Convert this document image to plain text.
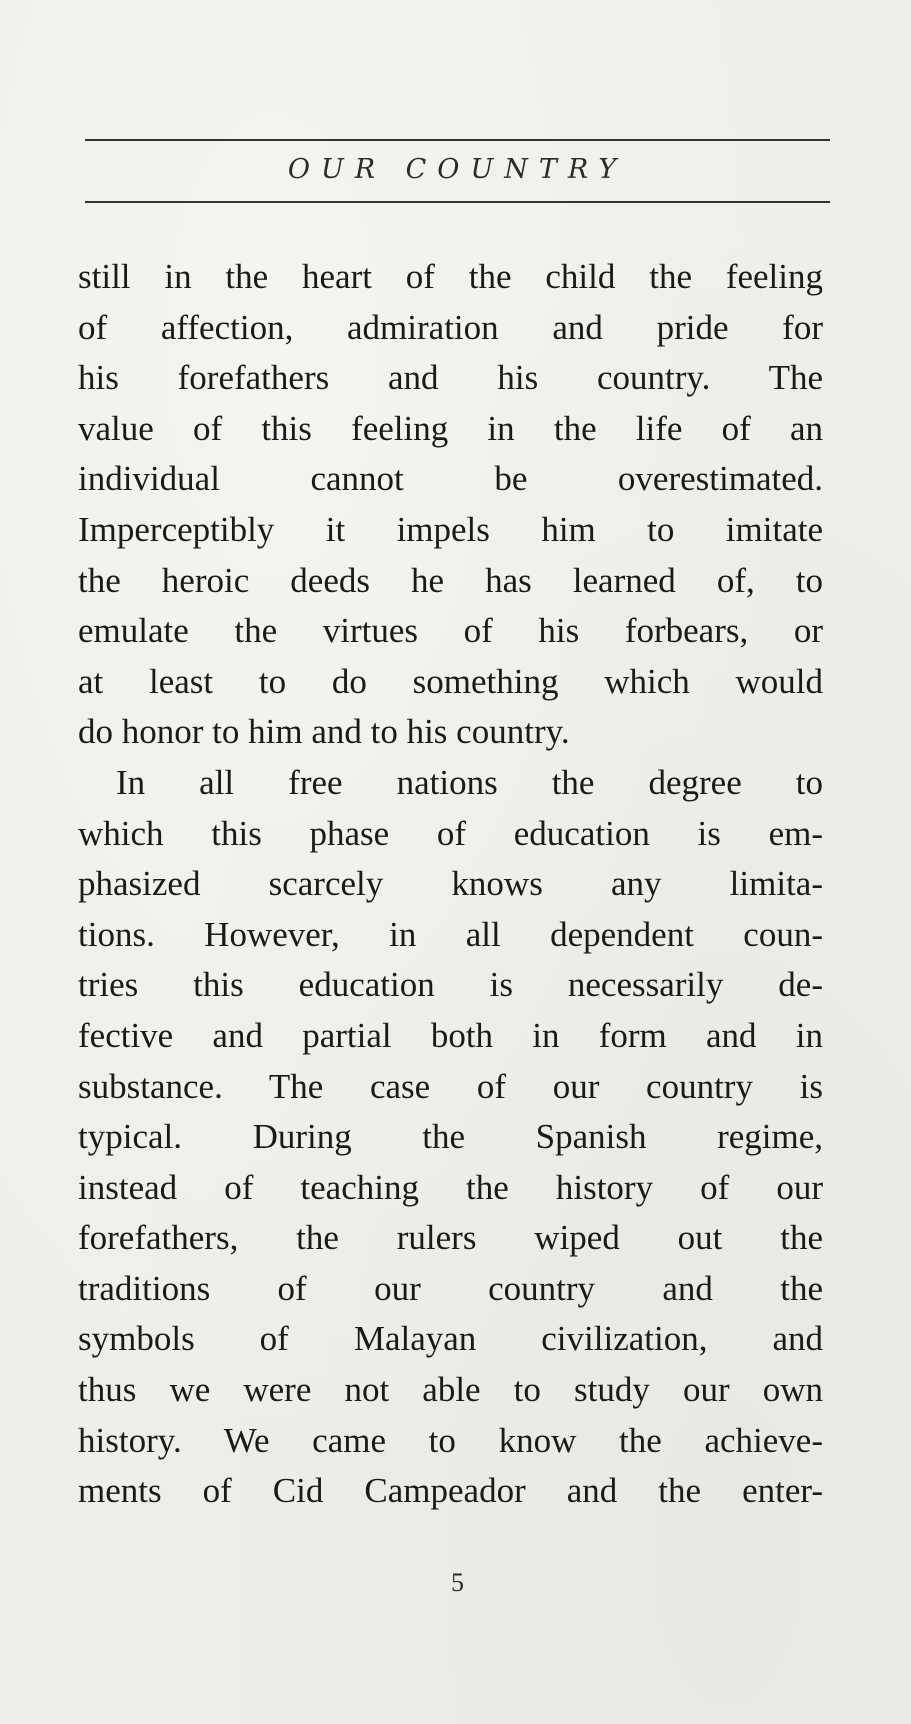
OUR COUNTRY
still in the heart of the child the feeling
of affection, admiration and pride for
his forefathers and his country. The
value of this feeling in the life of an
individual cannot be overestimated.
Imperceptibly it impels him to imitate
the heroic deeds he has learned of, to
emulate the virtues of his forbears, or
at least to do something which would
do honor to him and to his country.
In all free nations the degree to
which this phase of education is em-
phasized scarcely knows any limita-
tions. However, in all dependent coun-
tries this education is necessarily de-
fective and partial both in form and in
substance. The case of our country is
typical. During the Spanish regime,
instead of teaching the history of our
forefathers, the rulers wiped out the
traditions of our country and the
symbols of Malayan civilization, and
thus we were not able to study our own
history. We came to know the achieve-
ments of Cid Campeador and the enter-
5
